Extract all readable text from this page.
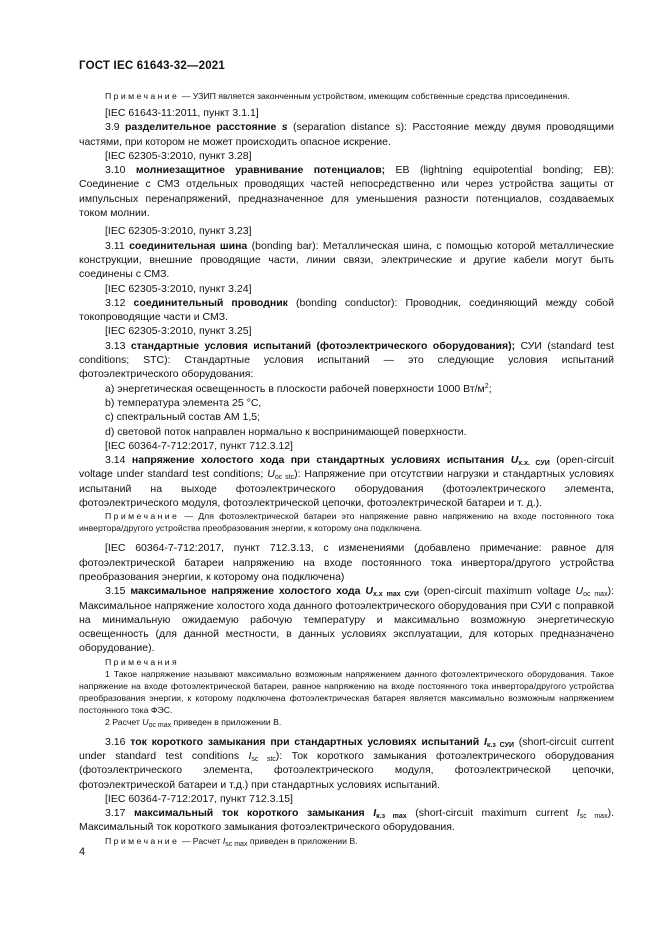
ГОСТ IEC 61643-32—2021

Примечание — УЗИП является законченным устройством, имеющим собственные средства присоединения.

[IEC 61643-11:2011, пункт 3.1.1]

3.9 разделительное расстояние s (separation distance s): Расстояние между двумя проводящими частями, при котором не может происходить опасное искрение.

[IEC 62305-3:2010, пункт 3.28]

3.10 молниезащитное уравнивание потенциалов; ЕВ (lightning equipotential bonding; ЕВ): Соединение с СМЗ отдельных проводящих частей непосредственно или через устройства защиты от импульсных перенапряжений, предназначенное для уменьшения разности потенциалов, создаваемых током молнии.

[IEC 62305-3:2010, пункт 3.23]

3.11 соединительная шина (bonding bar): Металлическая шина, с помощью которой металлические конструкции, внешние проводящие части, линии связи, электрические и другие кабели могут быть соединены с СМЗ.

[IEC 62305-3:2010, пункт 3.24]

3.12 соединительный проводник (bonding conductor): Проводник, соединяющий между собой токопроводящие части и СМЗ.

[IEC 62305-3:2010, пункт 3.25]

3.13 стандартные условия испытаний (фотоэлектрического оборудования); СУИ (standard test conditions; STC): Стандартные условия испытаний — это следующие условия испытаний фотоэлектрического оборудования:

a) энергетическая освещенность в плоскости рабочей поверхности 1000 $Вт/м^2$;

b) температура элемента 25 °С,

c) спектральный состав АМ 1,5;

d) световой поток направлен нормально к воспринимающей поверхности.

[IEC 60364-7-712:2017, пункт 712.3.12]

3.14 напряжение холостого хода при стандартных условиях испытания $U_{х.х. СУИ}$ (open-circuit voltage under standard test conditions; $U_{oc stc}$): Напряжение при отсутствии нагрузки и стандартных условиях испытаний на выходе фотоэлектрического оборудования (фотоэлектрического элемента, фотоэлектрического модуля, фотоэлектрической цепочки, фотоэлектрической батареи и т. д.).

Примечание — Для фотоэлектрической батареи это напряжение равно напряжению на входе постоянного тока инвертора/другого устройства преобразования энергии, к которому она подключена.

[IEC 60364-7-712:2017, пункт 712.3.13, с изменениями (добавлено примечание: равное для фотоэлектрической батареи напряжению на входе постоянного тока инвертора/другого устройства преобразования энергии, к которому она подключена)

3.15 максимальное напряжение холостого хода $U_{х.х max СУИ}$ (open-circuit maximum voltage $U_{oc max}$): Максимальное напряжение холостого хода данного фотоэлектрического оборудования при СУИ с поправкой на минимальную ожидаемую рабочую температуру и максимально возможную энергетическую освещенность (для данной местности, в данных условиях эксплуатации, для которых предназначено оборудование).

Примечания

1 Такое напряжение называют максимально возможным напряжением данного фотоэлектрического оборудования. Такое напряжение на входе фотоэлектрической батареи, равное напряжению на входе постоянного тока инвертора/другого устройства преобразования энергии, к которому подключена фотоэлектрическая батарея является максимально возможным напряжением постоянного тока ФЭС.

2 Расчет $U_{oc max}$ приведен в приложении В.

3.16 ток короткого замыкания при стандартных условиях испытаний $I_{к.з СУИ}$ (short-circuit current under standard test conditions $I_{sc stc}$): Ток короткого замыкания фотоэлектрического оборудования (фотоэлектрического элемента, фотоэлектрического модуля, фотоэлектрической цепочки, фотоэлектрической батареи и т.д.) при стандартных условиях испытаний.

[IEC 60364-7-712:2017, пункт 712.3.15]

3.17 максимальный ток короткого замыкания $I_{к.з max}$ (short-circuit maximum current $I_{sc max}$). Максимальный ток короткого замыкания фотоэлектрического оборудования.

Примечание — Расчет $I_{sc max}$ приведен в приложении В.

4
